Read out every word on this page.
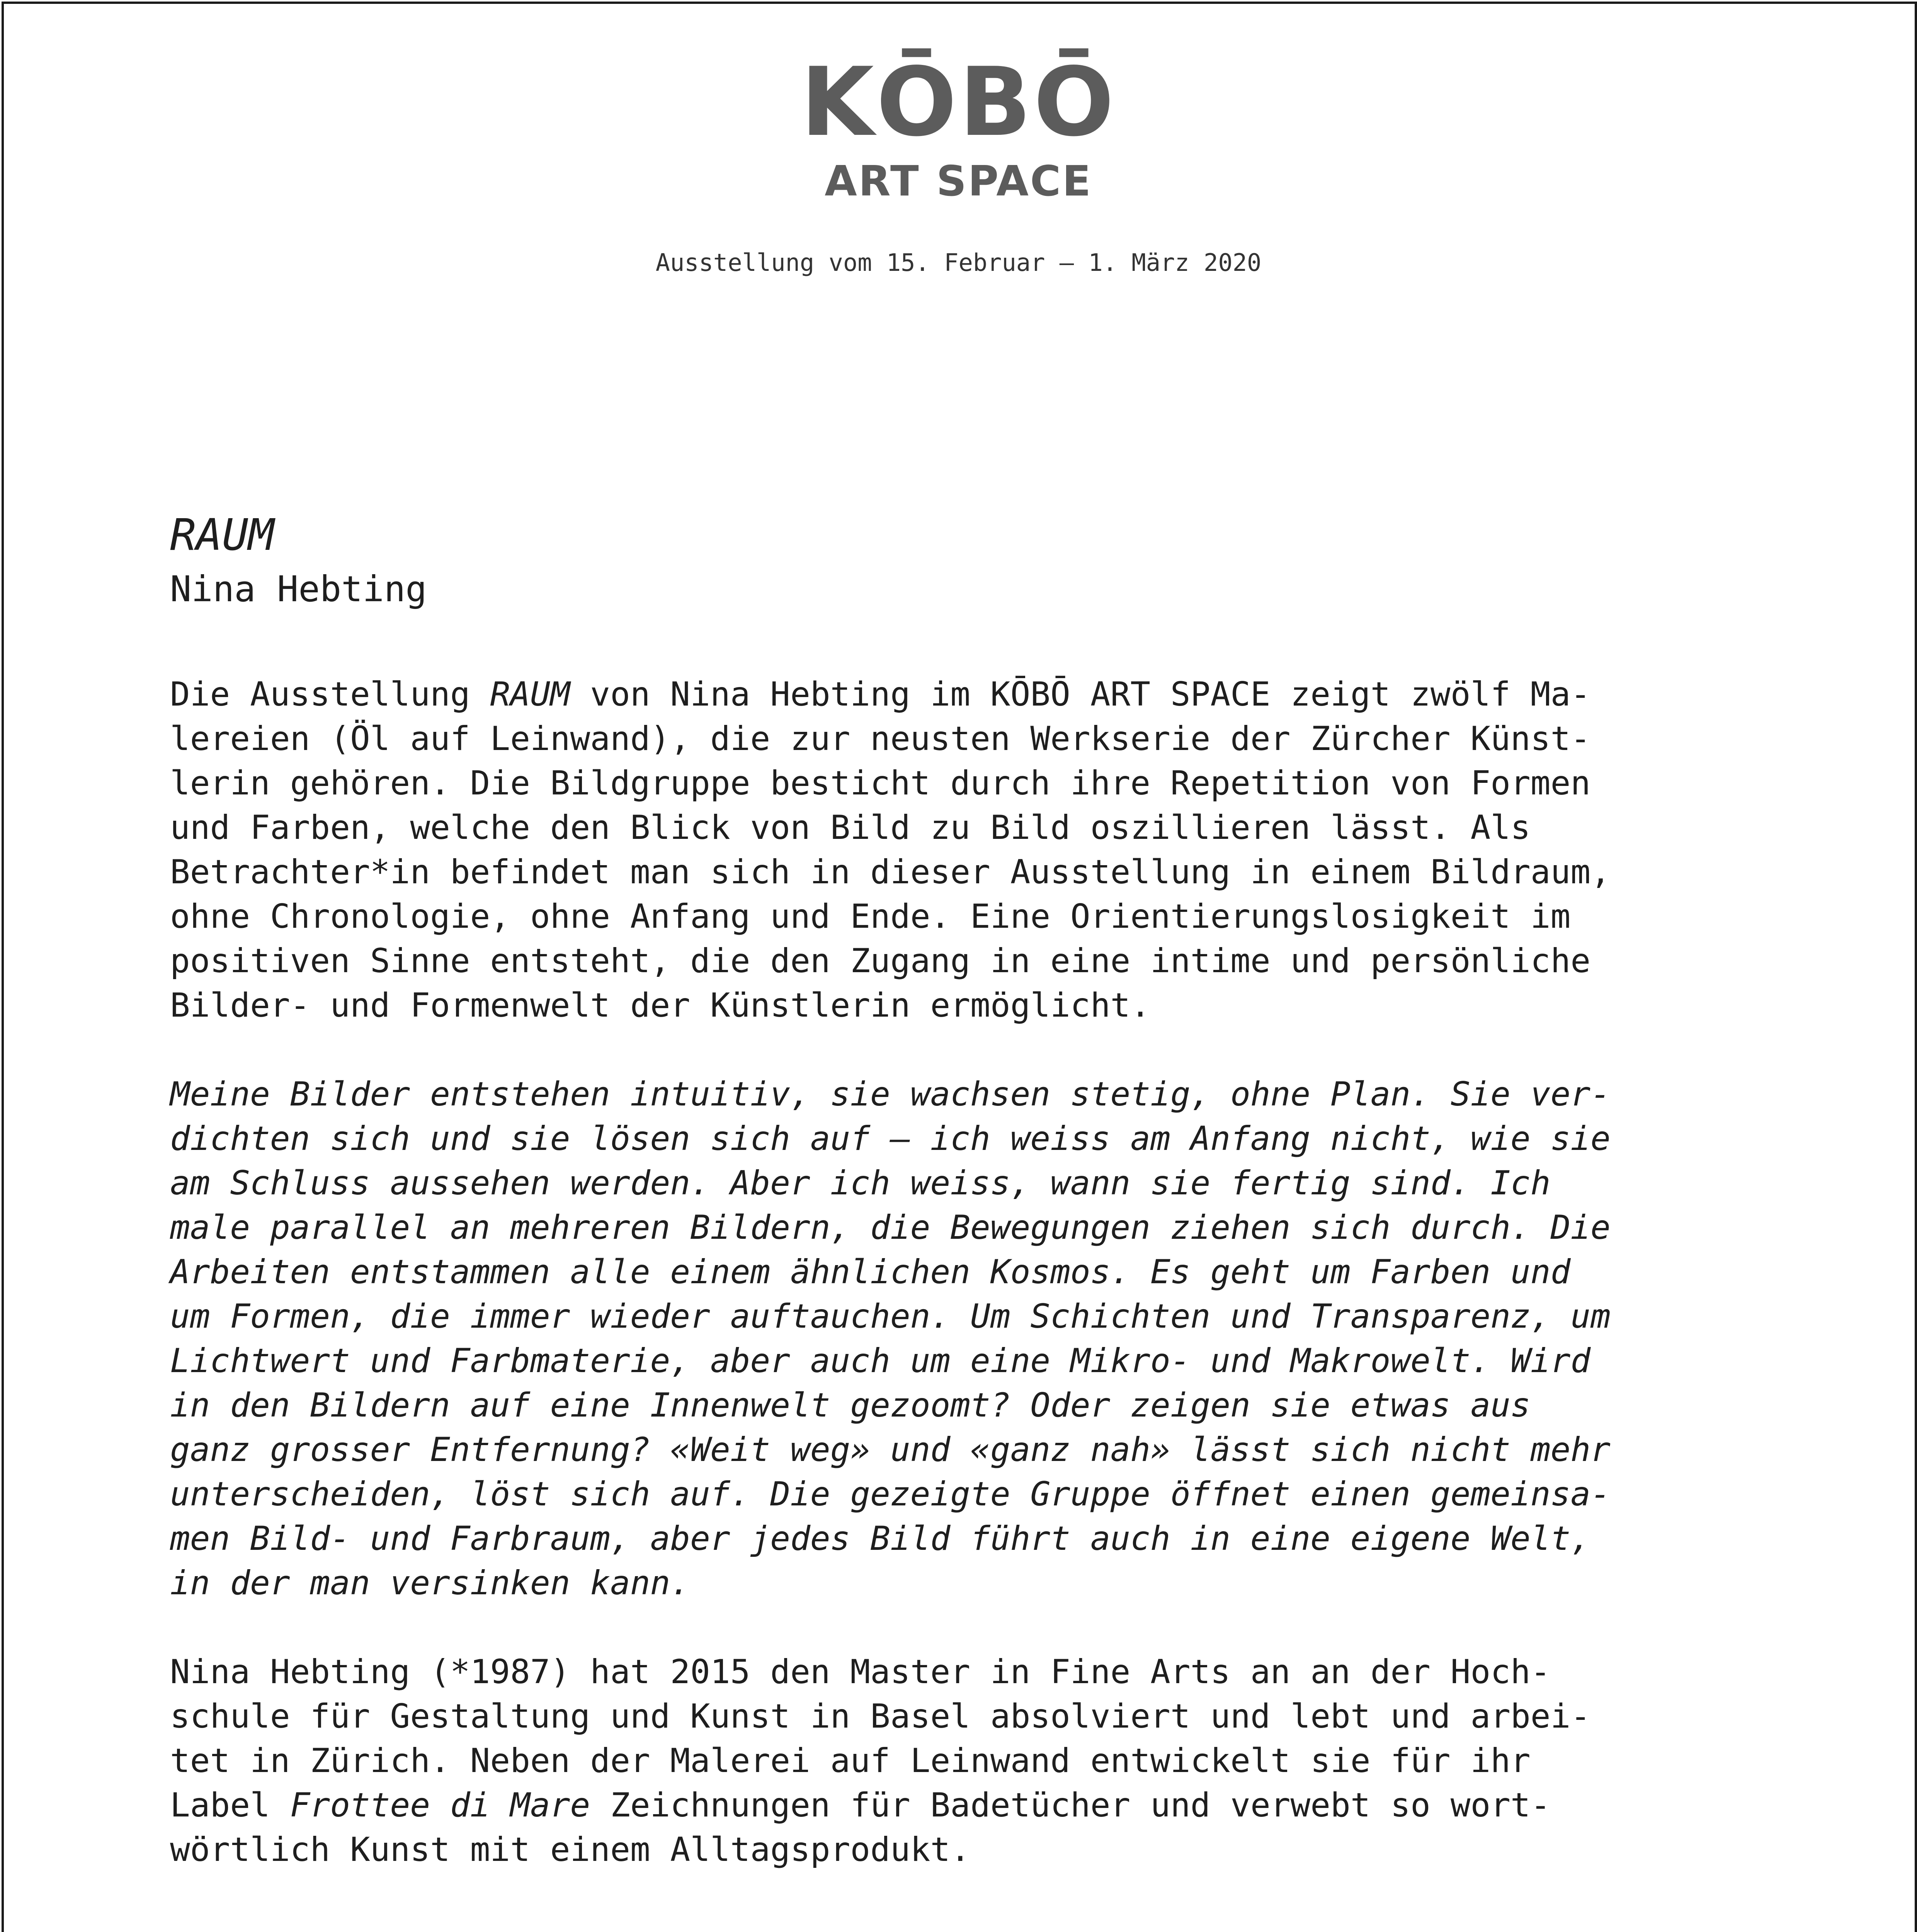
KŌBŌ
ART SPACE
Ausstellung vom 15. Februar – 1. März 2020
RAUM

Nina Hebting

Die Ausstellung RAUM von Nina Hebting im KŌBŌ ART SPACE zeigt zwölf Ma-
lereien (Öl auf Leinwand), die zur neusten Werkserie der Zürcher Künst-
lerin gehören. Die Bildgruppe besticht durch ihre Repetition von Formen
und Farben, welche den Blick von Bild zu Bild oszillieren lässt. Als
Betrachter*in befindet man sich in dieser Ausstellung in einem Bildraum,
ohne Chronologie, ohne Anfang und Ende. Eine Orientierungslosigkeit im
positiven Sinne entsteht, die den Zugang in eine intime und persönliche
Bilder- und Formenwelt der Künstlerin ermöglicht.

Meine Bilder entstehen intuitiv, sie wachsen stetig, ohne Plan. Sie ver-
dichten sich und sie lösen sich auf – ich weiss am Anfang nicht, wie sie
am Schluss aussehen werden. Aber ich weiss, wann sie fertig sind. Ich
male parallel an mehreren Bildern, die Bewegungen ziehen sich durch. Die
Arbeiten entstammen alle einem ähnlichen Kosmos. Es geht um Farben und
um Formen, die immer wieder auftauchen. Um Schichten und Transparenz, um
Lichtwert und Farbmaterie, aber auch um eine Mikro- und Makrowelt. Wird
in den Bildern auf eine Innenwelt gezoomt? Oder zeigen sie etwas aus
ganz grosser Entfernung? «Weit weg» und «ganz nah» lässt sich nicht mehr
unterscheiden, löst sich auf. Die gezeigte Gruppe öffnet einen gemeinsa-
men Bild- und Farbraum, aber jedes Bild führt auch in eine eigene Welt,
in der man versinken kann.

Nina Hebting (*1987) hat 2015 den Master in Fine Arts an an der Hoch-
schule für Gestaltung und Kunst in Basel absolviert und lebt und arbei-
tet in Zürich. Neben der Malerei auf Leinwand entwickelt sie für ihr
Label Frottee di Mare Zeichnungen für Badetücher und verwebt so wort-
wörtlich Kunst mit einem Alltagsprodukt.
